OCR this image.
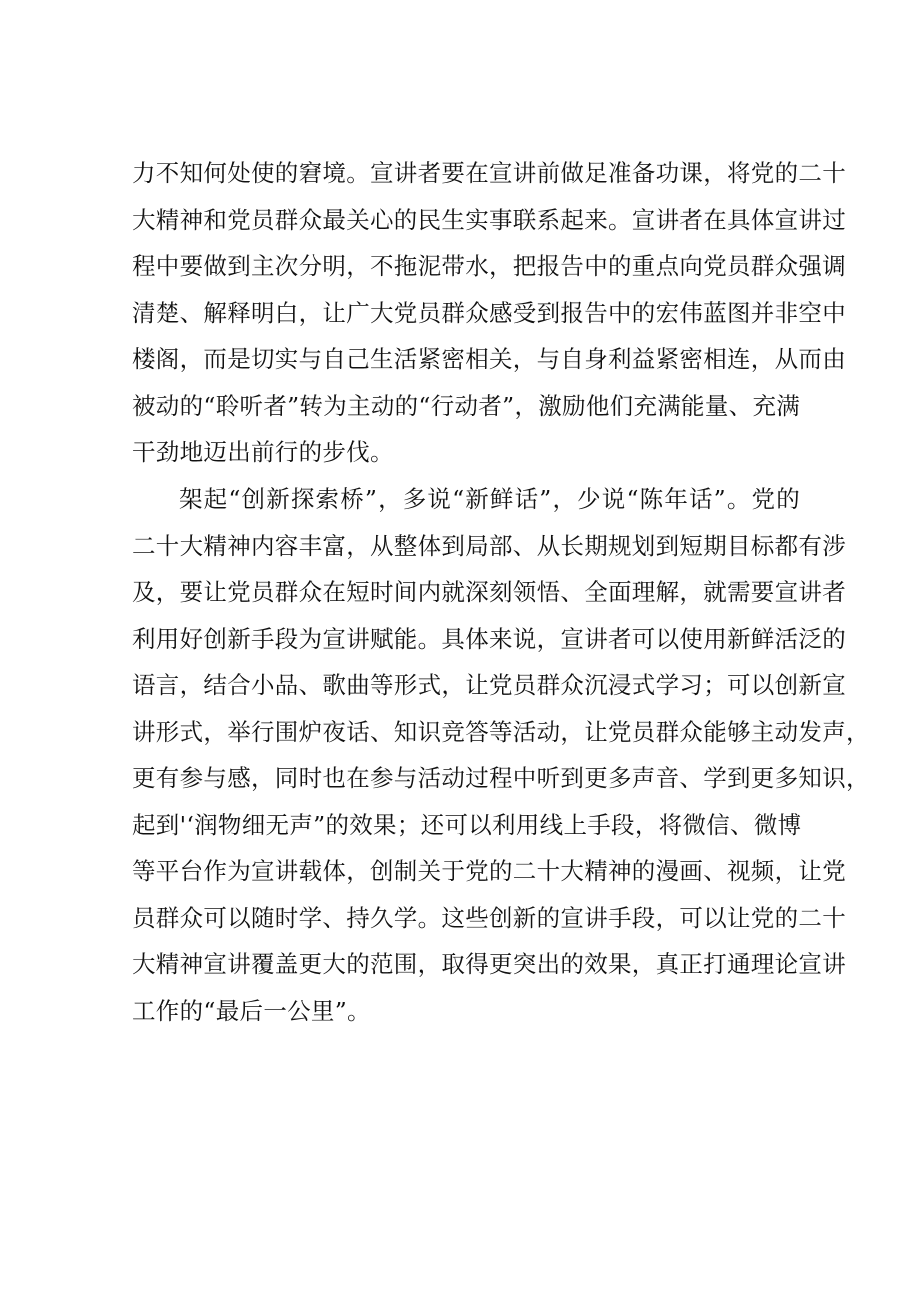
力不知何处使的窘境。宣讲者要在宣讲前做足准备功课，将党的二十
大精神和党员群众最关心的民生实事联系起来。宣讲者在具体宣讲过
程中要做到主次分明，不拖泥带水，把报告中的重点向党员群众强调
清楚、解释明白，让广大党员群众感受到报告中的宏伟蓝图并非空中
楼阁，而是切实与自己生活紧密相关，与自身利益紧密相连，从而由
被动的“聆听者”转为主动的“行动者”，激励他们充满能量、充满
干劲地迈出前行的步伐。
架起“创新探索桥”，多说“新鲜话”，少说“陈年话”。党的
二十大精神内容丰富，从整体到局部、从长期规划到短期目标都有涉
及，要让党员群众在短时间内就深刻领悟、全面理解，就需要宣讲者
利用好创新手段为宣讲赋能。具体来说，宣讲者可以使用新鲜活泛的
语言，结合小品、歌曲等形式，让党员群众沉浸式学习；可以创新宣
讲形式，举行围炉夜话、知识竞答等活动，让党员群众能够主动发声，
更有参与感，同时也在参与活动过程中听到更多声音、学到更多知识，
起到'‘润物细无声”的效果；还可以利用线上手段，将微信、微博
等平台作为宣讲载体，创制关于党的二十大精神的漫画、视频，让党
员群众可以随时学、持久学。这些创新的宣讲手段，可以让党的二十
大精神宣讲覆盖更大的范围，取得更突出的效果，真正打通理论宣讲
工作的“最后一公里”。
